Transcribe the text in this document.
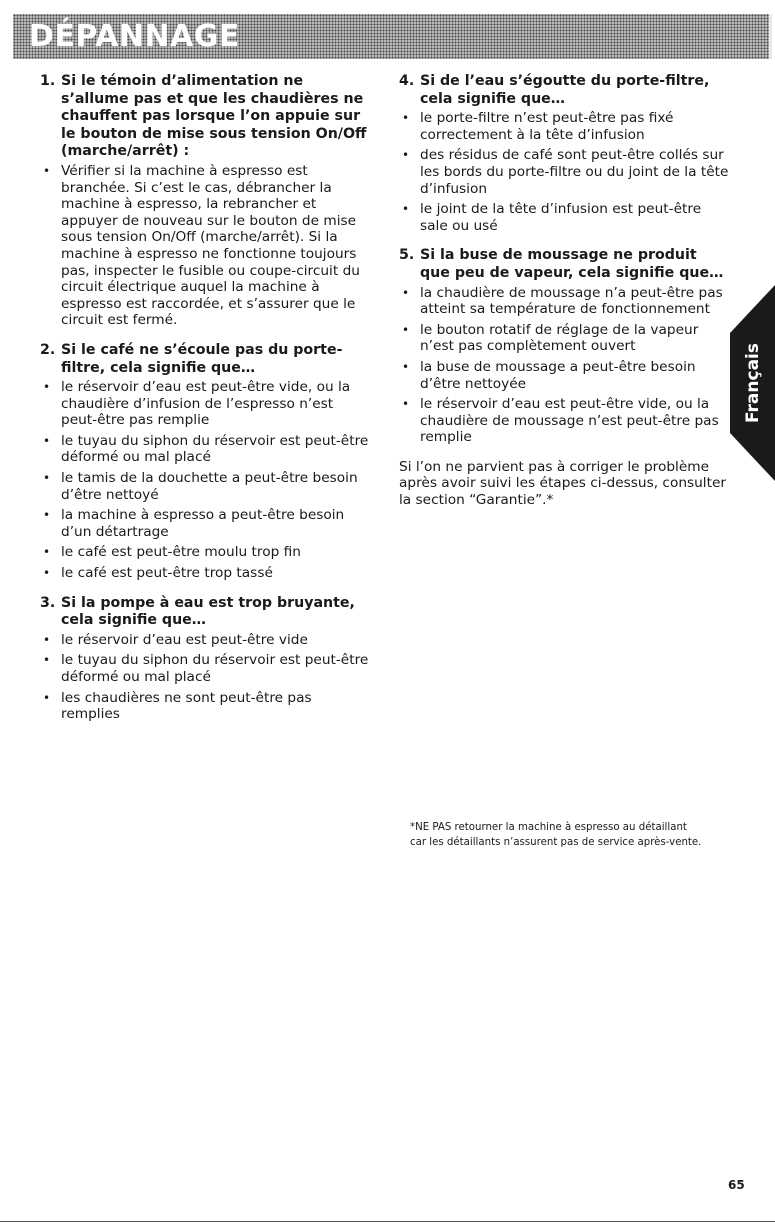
DÉPANNAGE
1. Si le témoin d’alimentation ne s’allume pas et que les chaudières ne chauffent pas lorsque l’on appuie sur le bouton de mise sous tension On/Off (marche/arrêt) :
• Vérifier si la machine à espresso est branchée. Si c’est le cas, débrancher la machine à espresso, la rebrancher et appuyer de nouveau sur le bouton de mise sous tension On/Off (marche/arrêt). Si la machine à espresso ne fonctionne toujours pas, inspecter le fusible ou coupe-circuit du circuit électrique auquel la machine à espresso est raccordée, et s’assurer que le circuit est fermé.
2. Si le café ne s’écoule pas du porte-filtre, cela signifie que…
• le réservoir d’eau est peut-être vide, ou la chaudière d’infusion de l’espresso n’est peut-être pas remplie
• le tuyau du siphon du réservoir est peut-être déformé ou mal placé
• le tamis de la douchette a peut-être besoin d’être nettoyé
• la machine à espresso a peut-être besoin d’un détartrage
• le café est peut-être moulu trop fin
• le café est peut-être trop tassé
3. Si la pompe à eau est trop bruyante, cela signifie que…
• le réservoir d’eau est peut-être vide
• le tuyau du siphon du réservoir est peut-être déformé ou mal placé
• les chaudières ne sont peut-être pas remplies
4. Si de l’eau s’égoutte du porte-filtre, cela signifie que…
• le porte-filtre n’est peut-être pas fixé correctement à la tête d’infusion
• des résidus de café sont peut-être collés sur les bords du porte-filtre ou du joint de la tête d’infusion
• le joint de la tête d’infusion est peut-être sale ou usé
5. Si la buse de moussage ne produit que peu de vapeur, cela signifie que…
• la chaudière de moussage n’a peut-être pas atteint sa température de fonctionnement
• le bouton rotatif de réglage de la vapeur n’est pas complètement ouvert
• la buse de moussage a peut-être besoin d’être nettoyée
• le réservoir d’eau est peut-être vide, ou la chaudière de moussage n’est peut-être pas remplie
Si l’on ne parvient pas à corriger le problème après avoir suivi les étapes ci-dessus, consulter la section “Garantie”.*
Français
*NE PAS retourner la machine à espresso au détaillant
car les détaillants n’assurent pas de service après-vente.
65
